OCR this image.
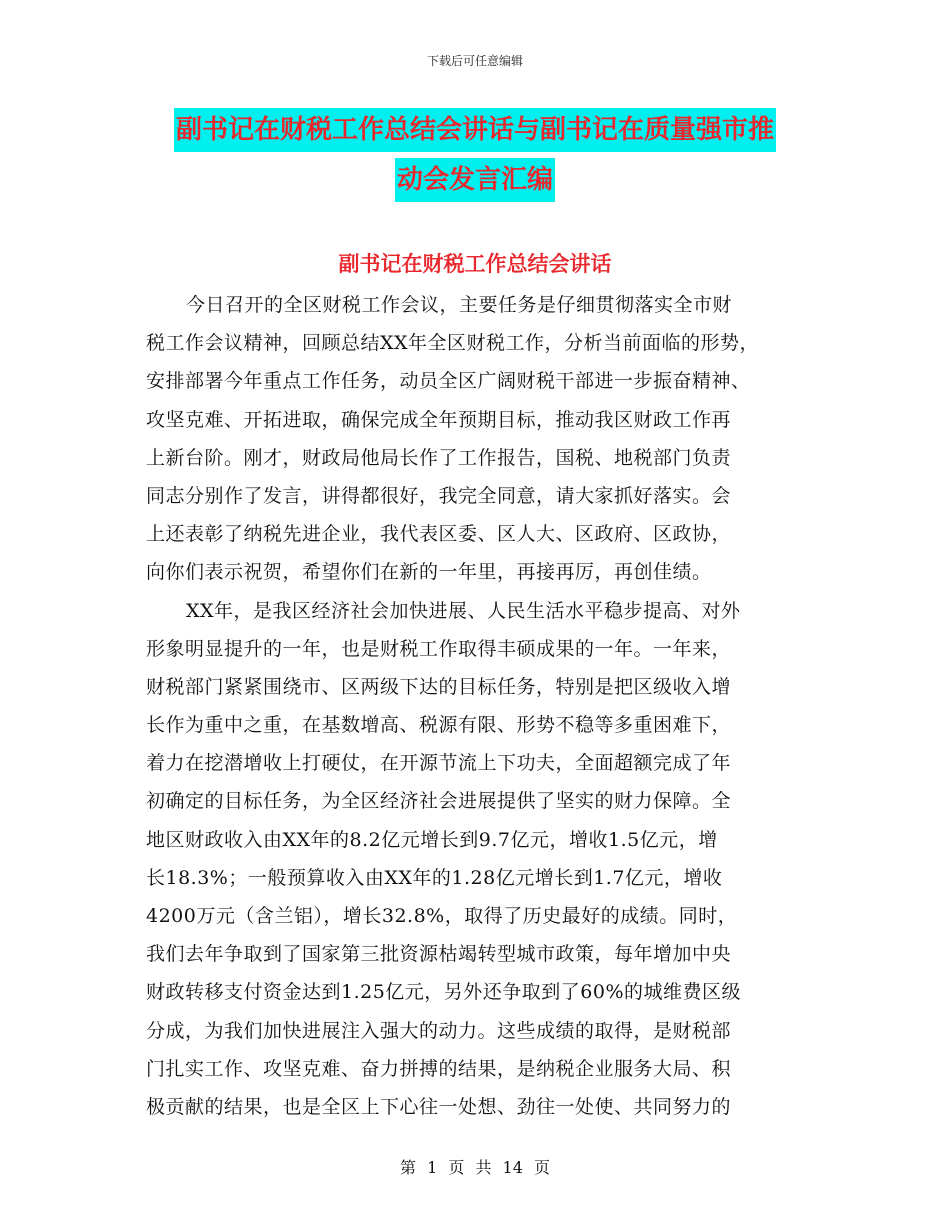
下载后可任意编辑
副书记在财税工作总结会讲话与副书记在质量强市推
动会发言汇编
副书记在财税工作总结会讲话
今日召开的全区财税工作会议，主要任务是仔细贯彻落实全市财
税工作会议精神，回顾总结XX年全区财税工作，分析当前面临的形势，
安排部署今年重点工作任务，动员全区广阔财税干部进一步振奋精神、
攻坚克难、开拓进取，确保完成全年预期目标，推动我区财政工作再
上新台阶。刚才，财政局他局长作了工作报告，国税、地税部门负责
同志分别作了发言，讲得都很好，我完全同意，请大家抓好落实。会
上还表彰了纳税先进企业，我代表区委、区人大、区政府、区政协，
向你们表示祝贺，希望你们在新的一年里，再接再厉，再创佳绩。
XX年，是我区经济社会加快进展、人民生活水平稳步提高、对外
形象明显提升的一年，也是财税工作取得丰硕成果的一年。一年来，
财税部门紧紧围绕市、区两级下达的目标任务，特别是把区级收入增
长作为重中之重，在基数增高、税源有限、形势不稳等多重困难下，
着力在挖潜增收上打硬仗，在开源节流上下功夫，全面超额完成了年
初确定的目标任务，为全区经济社会进展提供了坚实的财力保障。全
地区财政收入由XX年的8.2亿元增长到9.7亿元，增收1.5亿元，增
长18.3%；一般预算收入由XX年的1.28亿元增长到1.7亿元，增收
4200万元（含兰铝），增长32.8%，取得了历史最好的成绩。同时，
我们去年争取到了国家第三批资源枯竭转型城市政策，每年增加中央
财政转移支付资金达到1.25亿元，另外还争取到了60%的城维费区级
分成，为我们加快进展注入强大的动力。这些成绩的取得，是财税部
门扎实工作、攻坚克难、奋力拼搏的结果，是纳税企业服务大局、积
极贡献的结果，也是全区上下心往一处想、劲往一处使、共同努力的
第 1 页 共 14 页
